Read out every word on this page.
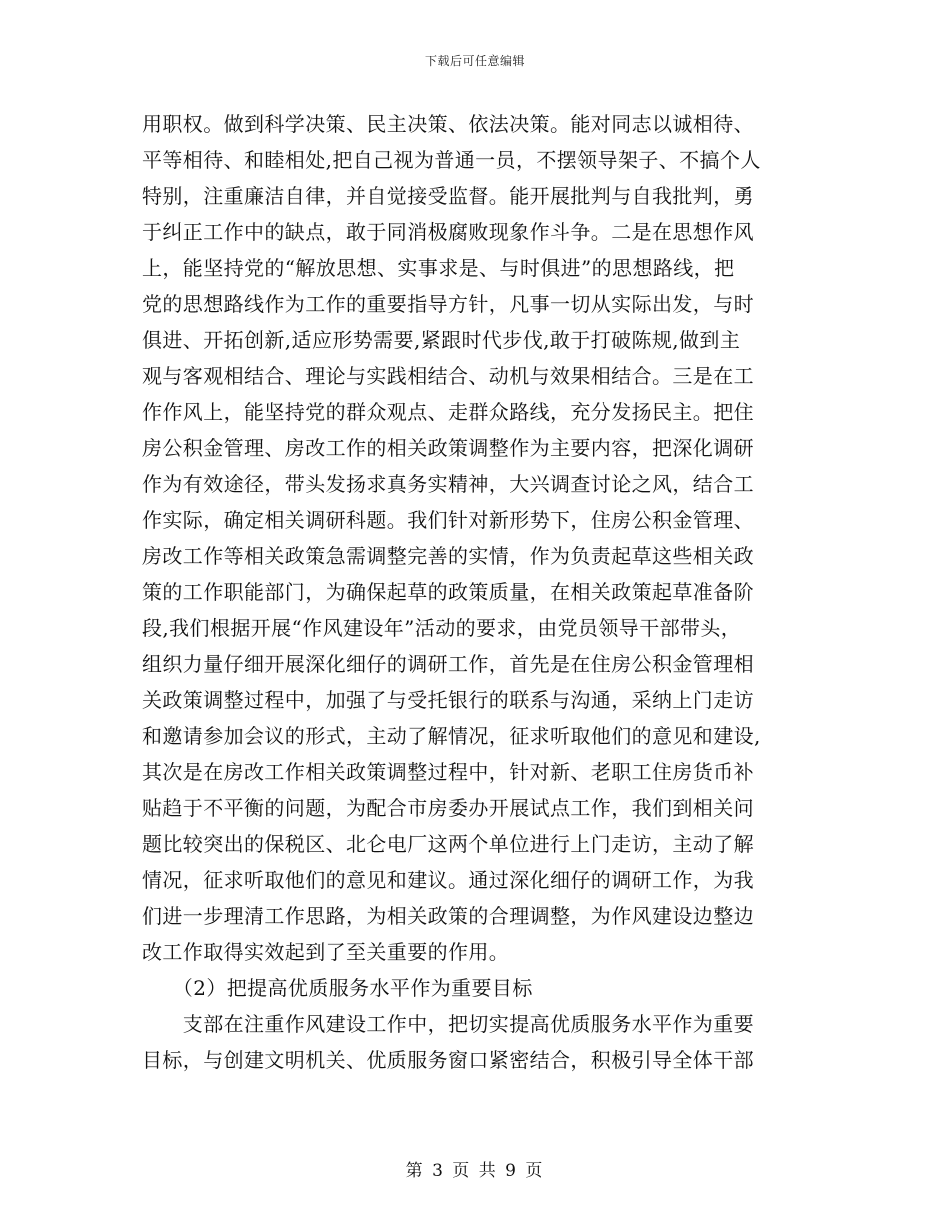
下载后可任意编辑
用职权。做到科学决策、民主决策、依法决策。能对同志以诚相待、
平等相待、和睦相处,把自己视为普通一员，不摆领导架子、不搞个人
特别，注重廉洁自律，并自觉接受监督。能开展批判与自我批判，勇
于纠正工作中的缺点，敢于同消极腐败现象作斗争。二是在思想作风
上，能坚持党的“解放思想、实事求是、与时俱进”的思想路线，把
党的思想路线作为工作的重要指导方针，凡事一切从实际出发，与时
俱进、开拓创新,适应形势需要,紧跟时代步伐,敢于打破陈规,做到主
观与客观相结合、理论与实践相结合、动机与效果相结合。三是在工
作作风上，能坚持党的群众观点、走群众路线，充分发扬民主。把住
房公积金管理、房改工作的相关政策调整作为主要内容，把深化调研
作为有效途径，带头发扬求真务实精神，大兴调查讨论之风，结合工
作实际，确定相关调研科题。我们针对新形势下，住房公积金管理、
房改工作等相关政策急需调整完善的实情，作为负责起草这些相关政
策的工作职能部门，为确保起草的政策质量，在相关政策起草准备阶
段,我们根据开展“作风建设年”活动的要求，由党员领导干部带头，
组织力量仔细开展深化细仔的调研工作，首先是在住房公积金管理相
关政策调整过程中，加强了与受托银行的联系与沟通，采纳上门走访
和邀请参加会议的形式，主动了解情况，征求听取他们的意见和建设,
其次是在房改工作相关政策调整过程中，针对新、老职工住房货币补
贴趋于不平衡的问题，为配合市房委办开展试点工作，我们到相关问
题比较突出的保税区、北仑电厂这两个单位进行上门走访，主动了解
情况，征求听取他们的意见和建议。通过深化细仔的调研工作，为我
们进一步理清工作思路，为相关政策的合理调整，为作风建设边整边
改工作取得实效起到了至关重要的作用。
　　（2）把提高优质服务水平作为重要目标
　　支部在注重作风建设工作中，把切实提高优质服务水平作为重要
目标，与创建文明机关、优质服务窗口紧密结合，积极引导全体干部
第 3 页 共 9 页
